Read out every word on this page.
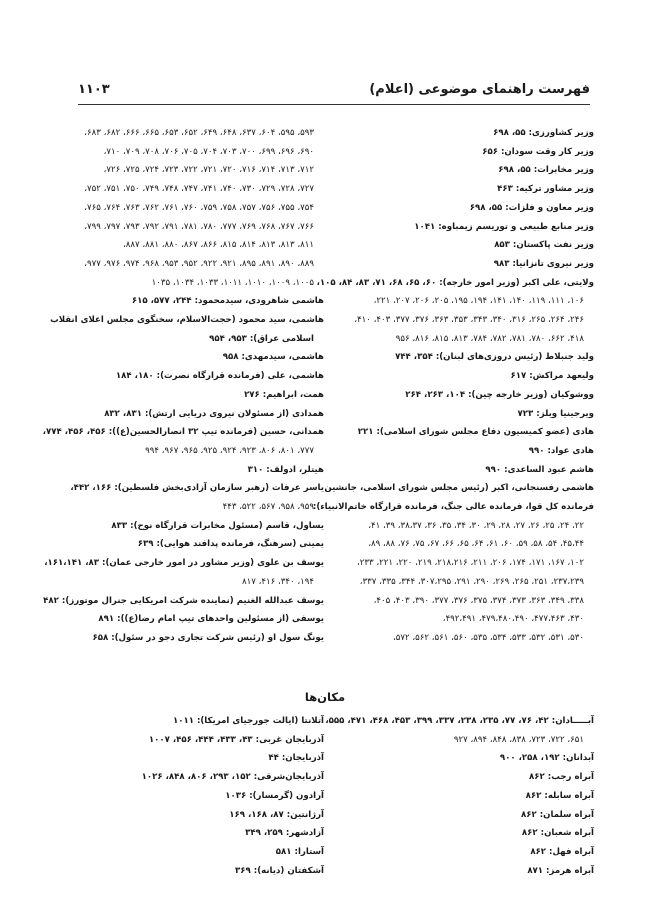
فهرست راهنمای موضوعی (اعلام)
۱۱۰۳
وزیر کشاورزی: ۵۵، ۶۹۸
وزیر کار وقت سودان: ۶۵۶
وزیر مخابرات: ۵۵، ۶۹۸
وزیر مشاور ترکیه: ۴۶۳
وزیر معاون و فلزات: ۵۵، ۶۹۸
وزیر منابع طبیعی و توریسم زیمباوه: ۱۰۴۱
وزیر نفت پاکستان: ۸۵۳
وزیر نیروی تانزانیا: ۹۸۳
ولایتی، علی اکبر (وزیر امور خارجه): ۶۰، ۶۵، ۶۸، ۷۱، ۸۳، ۸۴، ۱۰۵،
۱۰۶، ۱۱۱، ۱۱۹، ۱۴۰، ۱۴۱، ۱۹۴، ۱۹۵، ۲۰۵، ۲۰۶، ۲۰۷، ۲۲۱،
۲۴۶، ۲۶۴، ۲۶۵، ۳۱۶، ۳۴۰، ۳۴۳، ۳۵۳، ۳۶۳، ۳۷۶، ۳۷۷، ۴۰۳، ۴۱۰،
۴۱۸، ۶۶۲، ۷۸۰، ۷۸۱، ۷۸۲، ۷۸۴، ۸۱۳، ۸۱۵، ۸۱۶، ۹۵۶
ولید جنبلاط (رئیس دروزی‌های لبنان): ۳۵۴، ۷۴۴
ولیعهد مراکش: ۶۱۷
ووشوکیان (وزیر خارجه چین): ۱۰۴، ۲۶۳، ۲۶۴
ویرجینیا ویلز: ۷۲۳
هادی (عضو کمیسیون دفاع مجلس شورای اسلامی): ۲۲۱
هادی عواد: ۹۹۰
هاشم عبود الساعدی: ۹۹۰
هاشمی رفسنجانی، اکبر (رئیس مجلس شورای اسلامی، جانشین
فرمانده کل قوا، فرمانده عالی جنگ، فرمانده قرارگاه خاتم‌الانبیاء):
۲۲، ۲۴، ۲۵، ۲۶، ۲۷، ۲۸، ۲۹، ۳۰، ۳۴، ۳۵، ۳۶، ۳۸،۳۷، ۳۹، ۴۱،
۴۵،۴۴، ۵۴، ۵۸، ۵۹، ۶۰، ۶۱، ۶۴، ۶۵، ۶۶، ۶۷، ۷۵، ۷۶، ۸۸، ۸۹،
۱۰۲، ۱۶۷، ۱۷۱، ۱۷۴، ۲۰۶، ۲۱۱، ۲۱۸،۲۱۶، ۲۱۹، ۲۲۰، ۲۲۱، ۲۳۳،
۲۳۷،۲۳۹، ۲۵۱، ۲۶۵، ۲۶۹، ۲۹۰، ۲۹۱، ۳۰۷،۲۹۵، ۳۴۴، ۳۳۵، ۳۳۷،
۳۳۸، ۳۴۹، ۳۶۳، ۳۷۳، ۳۷۴، ۳۷۵، ۳۷۶، ۳۷۷، ۳۹۰، ۴۰۳، ۴۰۵،
۴۳۰، ۴۷۷،۴۶۳، ۴۷۹،۴۸۰،۴۹۰، ۴۹۲،۴۹۱،
۵۳۰، ۵۳۱، ۵۳۲، ۵۳۳، ۵۳۴، ۵۳۵، ۵۶۰، ۵۶۱، ۵۶۲، ۵۷۲،
۵۹۳، ۵۹۵، ۶۰۴، ۶۳۷، ۶۴۸، ۶۴۹، ۶۵۲، ۶۵۳، ۶۶۵، ۶۶۶، ۶۸۲، ۶۸۳،
۶۹۰، ۶۹۶، ۶۹۹، ۷۰۰، ۷۰۳، ۷۰۴، ۷۰۵، ۷۰۶، ۷۰۸، ۷۰۹، ۷۱۰،
۷۱۲، ۷۱۳، ۷۱۴، ۷۱۶، ۷۲۰، ۷۲۱، ۷۲۲، ۷۲۳، ۷۲۴، ۷۲۵، ۷۲۶،
۷۲۷، ۷۲۸، ۷۲۹، ۷۳۰، ۷۴۰، ۷۴۱، ۷۴۷، ۷۴۸، ۷۴۹، ۷۵۰، ۷۵۱، ۷۵۲،
۷۵۴، ۷۵۵، ۷۵۶، ۷۵۷، ۷۵۸، ۷۵۹، ۷۶۰، ۷۶۱، ۷۶۲، ۷۶۳، ۷۶۴، ۷۶۵،
۷۶۶، ۷۶۷، ۷۶۸، ۷۶۹، ۷۷۷، ۷۸۰، ۷۸۱، ۷۹۱، ۷۹۲، ۷۹۳، ۷۹۷، ۷۹۹،
۸۱۱، ۸۱۳، ۸۱۳، ۸۱۴، ۸۱۵، ۸۶۶، ۸۶۷، ۸۸۰، ۸۸۱، ۸۸۷،
۸۸۹، ۸۹۰، ۸۹۱، ۸۹۵، ۹۲۱، ۹۲۲، ۹۵۲، ۹۵۳، ۹۶۸، ۹۷۴، ۹۷۶، ۹۷۷،
۱۰۰۵، ۱۰۰۹، ۱۰۱۰، ۱۰۱۱، ۱۰۳۳، ۱۰۳۴، ۱۰۳۵
هاشمی شاهرودی، سیدمحمود: ۲۴۴، ۵۷۷، ۶۱۵
هاشمی، سید محمود (حجت‌الاسلام، سخنگوی مجلس اعلای انقلاب
اسلامی عراق): ۹۵۳، ۹۵۴
هاشمی، سیدمهدی: ۹۵۸
هاشمی، علی (فرمانده قرارگاه نصرت): ۱۸۰، ۱۸۴
همت، ابراهیم: ۲۷۶
همدادی (از مسئولان نیروی دریایی ارتش): ۸۳۱، ۸۳۲
همدانی، حسین (فرمانده تیپ ۳۲ انصارالحسین(ع)): ۴۵۶، ۴۵۶، ۷۷۴،
۷۷۷، ۸۰۱، ۸۰۶، ۹۲۳، ۹۲۴، ۹۲۵، ۹۶۵، ۹۶۷، ۹۹۴
هیتلر، ادولف: ۳۱۰
یاسر عرفات (رهبر سازمان آزادی‌بخش فلسطین): ۱۶۶، ۴۴۲،
۹۵۹، ۹۵۸، ۵۶۷، ۵۲۲، ۴۴۳
یساول، قاسم (مسئول مخابرات قرارگاه نوح): ۸۳۳
یمینی (سرهنگ، فرمانده پدافند هوایی): ۶۳۹
یوسف بن علوی (وزیر مشاور در امور خارجی عمان): ۸۳، ۱۶۱،۱۴۱،
۱۹۴، ۳۴۰، ۴۱۶، ۸۱۷
یوسف عبدالله الغنیم (نماینده شرکت امریکایی جنرال موتورز): ۴۸۲
یوسفی (از مسئولین واحدهای تیپ امام رضا(ع)): ۸۹۱
یونگ سول او (رئیس شرکت تجاری دجو در سئول): ۶۵۸
مکان‌ها
آبـــــادان: ۴۲، ۷۶، ۷۷، ۲۳۵، ۲۳۸، ۳۳۷، ۳۹۹، ۴۵۳، ۴۶۸، ۴۷۱، ۵۵۵،
۶۵۱، ۷۲۲، ۷۲۳، ۸۳۸، ۸۴۸، ۸۹۴، ۹۲۷
آبدانان: ۱۹۲، ۲۵۸، ۹۰۰
آبراه رجب: ۸۶۲
آبراه سابله: ۸۶۲
آبراه سلمان: ۸۶۲
آبراه شعبان: ۸۶۲
آبراه فهل: ۸۶۲
آبراه هرمز: ۸۷۱
آتلانتا (ایالت جورجیای امریکا): ۱۰۱۱
آذربایجان غربی: ۴۳، ۴۳۳، ۴۴۴، ۴۵۶، ۱۰۰۷
آذربایجان: ۴۴
آذربایجان‌شرقی: ۱۵۲، ۲۹۳، ۸۰۶، ۸۴۸، ۱۰۲۶
آرادون (گرمسار): ۱۰۳۶
آرژانتین: ۸۷، ۱۶۸، ۱۶۹
آزادشهر: ۲۵۹، ۳۴۹
آستارا: ۵۸۱
آشکفتان (دیانه): ۳۶۹
